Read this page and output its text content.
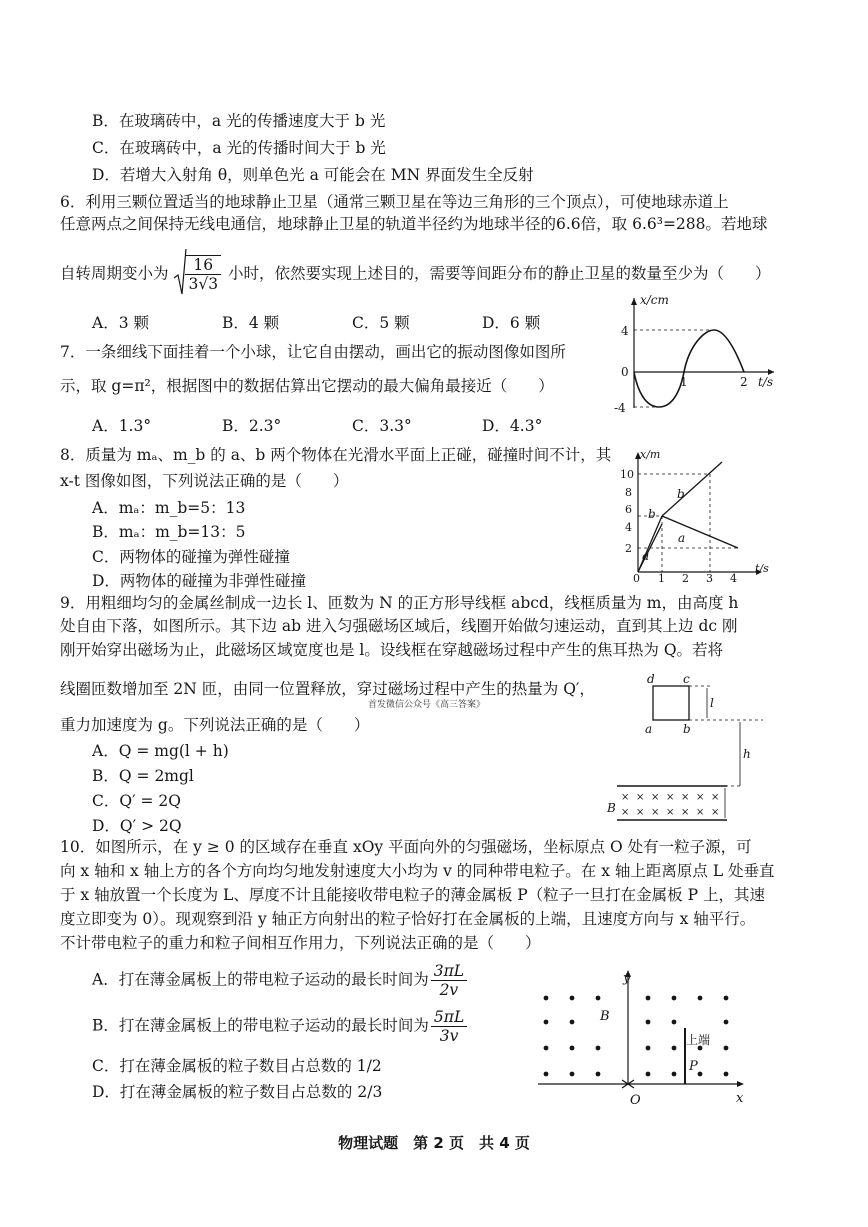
B．在玻璃砖中，a 光的传播速度大于 b 光
C．在玻璃砖中，a 光的传播时间大于 b 光
D．若增大入射角 θ，则单色光 a 可能会在 MN 界面发生全反射
6．利用三颗位置适当的地球静止卫星（通常三颗卫星在等边三角形的三个顶点），可使地球赤道上
任意两点之间保持无线电通信，地球静止卫星的轨道半径约为地球半径的6.6倍，取 6.6³=288。若地球
自转周期变小为 $\frac{16}{3√3}$ 小时，依然要实现上述目的，需要等间距分布的静止卫星的数量至少为（　　）
A．3 颗	B．4 颗	C．5 颗	D．6 颗
7．一条细线下面挂着一个小球，让它自由摆动，画出它的振动图像如图所
示，取 g=π²，根据图中的数据估算出它摆动的最大偏角最接近（　　）
A．1.3°	B．2.3°	C．3.3°	D．4.3°
x/cm
t/s
4
0
-4
1	2
8．质量为 mₐ、m_b 的 a、b 两个物体在光滑水平面上正碰，碰撞时间不计，其
x-t 图像如图，下列说法正确的是（　　）
A．mₐ：m_b=5：13
B．mₐ：m_b=13：5
C．两物体的碰撞为弹性碰撞
D．两物体的碰撞为非弹性碰撞
x/m
t/s
10
8
6
4
2
0 1 2 3 4
b
b
a
a
9．用粗细均匀的金属丝制成一边长 l、匝数为 N 的正方形导线框 abcd，线框质量为 m，由高度 h
处自由下落，如图所示。其下边 ab 进入匀强磁场区域后，线圈开始做匀速运动，直到其上边 dc 刚
刚开始穿出磁场为止，此磁场区域宽度也是 l。设线框在穿越磁场过程中产生的焦耳热为 Q。若将
线圈匝数增加至 2N 匝，由同一位置释放，穿过磁场过程中产生的热量为 Q′，
首发微信公众号《高三答案》
重力加速度为 g。下列说法正确的是（　　）
A．Q = mg(l + h)
B．Q = 2mgl
C．Q′ = 2Q
D．Q′ > 2Q
× × × × × × ×
× × × × × × ×
d c
a	b
l
h
B
10．如图所示，在 y ≥ 0 的区域存在垂直 xOy 平面向外的匀强磁场，坐标原点 O 处有一粒子源，可
向 x 轴和 x 轴上方的各个方向均匀地发射速度大小均为 v 的同种带电粒子。在 x 轴上距离原点 L 处垂直
于 x 轴放置一个长度为 L、厚度不计且能接收带电粒子的薄金属板 P（粒子一旦打在金属板 P 上，其速
度立即变为 0）。现观察到沿 y 轴正方向射出的粒子恰好打在金属板的上端，且速度方向与 x 轴平行。
不计带电粒子的重力和粒子间相互作用力，下列说法正确的是（　　）
A．打在薄金属板上的带电粒子运动的最长时间为 $\frac{3\pi L}{2v}$
B．打在薄金属板上的带电粒子运动的最长时间为 $\frac{5\pi L}{3v}$
C．打在薄金属板的粒子数目占总数的 1/2
D．打在薄金属板的粒子数目占总数的 2/3
y
B
上端
P
O	x
物理试题　第 2 页　共 4 页
